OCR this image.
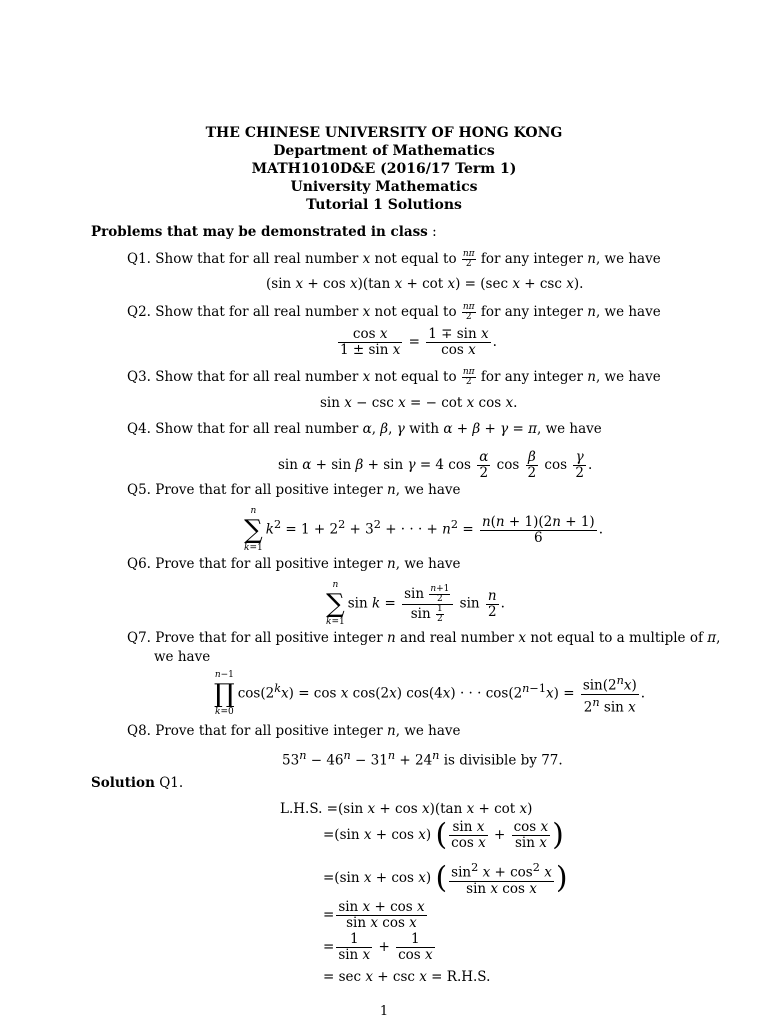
THE CHINESE UNIVERSITY OF HONG KONG
Department of Mathematics
MATH1010D&E (2016/17 Term 1)
University Mathematics
Tutorial 1 Solutions
Problems that may be demonstrated in class :
Q1. Show that for all real number x not equal to $\frac{n\pi}{2}$ for any integer n, we have
(sin x + cos x)(tan x + cot x) = (sec x + csc x).
Q2. Show that for all real number x not equal to $\frac{n\pi}{2}$ for any integer n, we have
$\frac{\text{cos x}}{\text{1 ± sin x}} = \frac{\text{1 ∓ sin x}}{\text{cos x}}$ .
Q3. Show that for all real number x not equal to $\frac{n\pi}{2}$ for any integer n, we have
sin x − csc x = − cot x cos x.
Q4. Show that for all real number α, β, γ with α + β + γ = π, we have
sin α + sin β + sin γ = 4 $\cos \frac{\alpha}{2}$ $\cos \frac{\beta}{2}$ $\cos \frac{\gamma}{2}$ .
Q5. Prove that for all positive integer n, we have
n
∑
k=1
$k^2 = 1 + 2^2 + 3^2$ + · · · + $n^2 = \frac{n(n + 1)(2n + 1)}{6}$ .
Q6. Prove that for all positive integer n, we have
n
∑
k=1
$\sin k = \frac{\sin \frac{n+1}{2}}{\sin \frac{1}{2}}$ $\sin \frac{n}{2}$ .
Q7. Prove that for all positive integer n and real number x not equal to a multiple of π,
we have
n−1
∏
k=0
$\cos(2^kx) = \cos x$ cos(2x) cos(4x) · · · $\cos(2^{n-1}x) = \frac{\sin(2^nx)}{2^n \sin x}$ .
Q8. Prove that for all positive integer n, we have
$53^n - 46^n - 31^n + 24^n$ is divisible by 77.
Solution Q1.
L.H.S. =(sin x + cos x)(tan x + cot x)
=(sin x + cos x) ( $\frac{\text{sin x}}{\text{cos x}} + \frac{\text{cos x}}{\text{sin x}}$ )
=(sin x + cos x) ( $\frac{\sin^2 x + \cos^2 x}{\text{sin x cos x}}$ )
= $\frac{\text{sin x + cos x}}{\text{sin x cos x}}$
= $\frac{1}{\text{sin x}} + \frac{1}{\text{cos x}}$
= sec x + csc x = R.H.S.
1
